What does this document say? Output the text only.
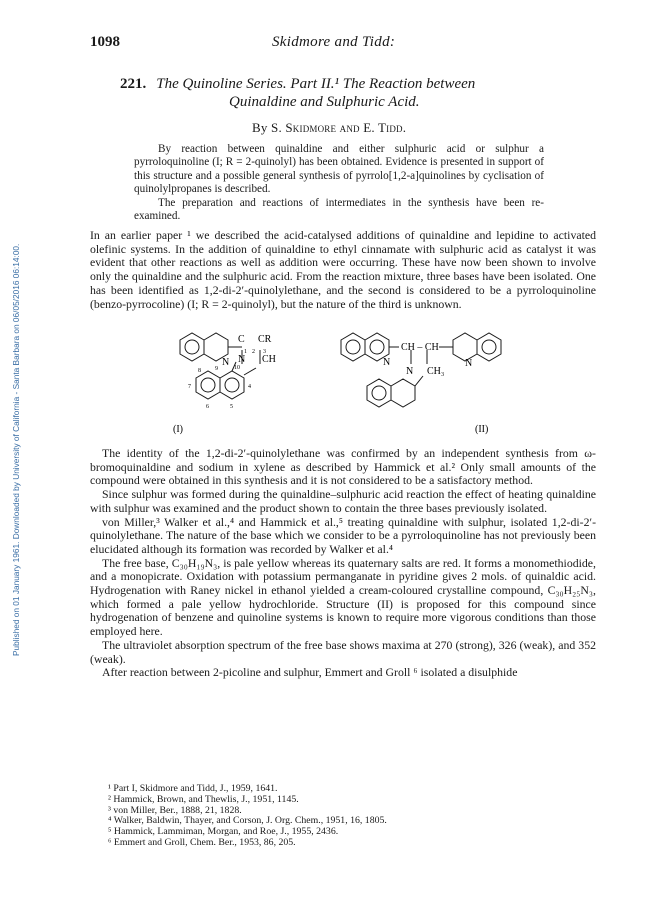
Published on 01 January 1961. Downloaded by University of California - Santa Barbara on 06/05/2016 06:14:00.
1098	Skidmore and Tidd:
221. The Quinoline Series. Part II.¹ The Reaction between
Quinaldine and Sulphuric Acid.
By S. Skidmore and E. Tidd.

By reaction between quinaldine and either sulphuric acid or sulphur a pyrroloquinoline (I; R = 2-quinolyl) has been obtained. Evidence is presented in support of this structure and a possible general synthesis of pyrrolo[1,2-a]quinolines by cyclisation of quinolylpropanes is described.

The preparation and reactions of intermediates in the synthesis have been re-examined.

In an earlier paper ¹ we described the acid-catalysed additions of quinaldine and lepidine to activated olefinic systems. In the addition of quinaldine to ethyl cinnamate with sulphuric acid as catalyst it was evident that other reactions as well as addition were occurring. These have now been shown to involve only the quinaldine and the sulphuric acid. From the reaction mixture, three bases have been isolated. One has been identified as 1,2-di-2′-quinolylethane, and the second is considered to be a pyrroloquinoline (benzo-pyrrocoline) (I; R = 2-quinolyl), but the nature of the third is unknown.

N
C CR
N CH
1 2 3
8 9	10
7
6	5
4
(I)
N
CH – CH
N
N
CH₃
(II)

The identity of the 1,2-di-2′-quinolylethane was confirmed by an independent synthesis from ω-bromoquinaldine and sodium in xylene as described by Hammick et al.² Only small amounts of the compound were obtained in this synthesis and it is not considered to be a satisfactory method.

Since sulphur was formed during the quinaldine–sulphuric acid reaction the effect of heating quinaldine with sulphur was examined and the product shown to contain the three bases previously isolated.

von Miller,³ Walker et al.,⁴ and Hammick et al.,⁵ treating quinaldine with sulphur, isolated 1,2-di-2′-quinolylethane. The nature of the base which we consider to be a pyrroloquinoline has not previously been elucidated although its formation was recorded by Walker et al.⁴

The free base, C₃₀H₁₉N₃, is pale yellow whereas its quaternary salts are red. It forms a monomethiodide, and a monopicrate. Oxidation with potassium permanganate in pyridine gives 2 mols. of quinaldic acid. Hydrogenation with Raney nickel in ethanol yielded a cream-coloured crystalline compound, C₃₀H₂₅N₃, which formed a pale yellow hydrochloride. Structure (II) is proposed for this compound since hydrogenation of benzene and quinoline systems is known to require more vigorous conditions than those employed here.

The ultraviolet absorption spectrum of the free base shows maxima at 270 (strong), 326 (weak), and 352 (weak).

After reaction between 2-picoline and sulphur, Emmert and Groll ⁶ isolated a disulphide

¹ Part I, Skidmore and Tidd, J., 1959, 1641.
² Hammick, Brown, and Thewlis, J., 1951, 1145.
³ von Miller, Ber., 1888, 21, 1828.
⁴ Walker, Baldwin, Thayer, and Corson, J. Org. Chem., 1951, 16, 1805.
⁵ Hammick, Lammiman, Morgan, and Roe, J., 1955, 2436.
⁶ Emmert and Groll, Chem. Ber., 1953, 86, 205.
